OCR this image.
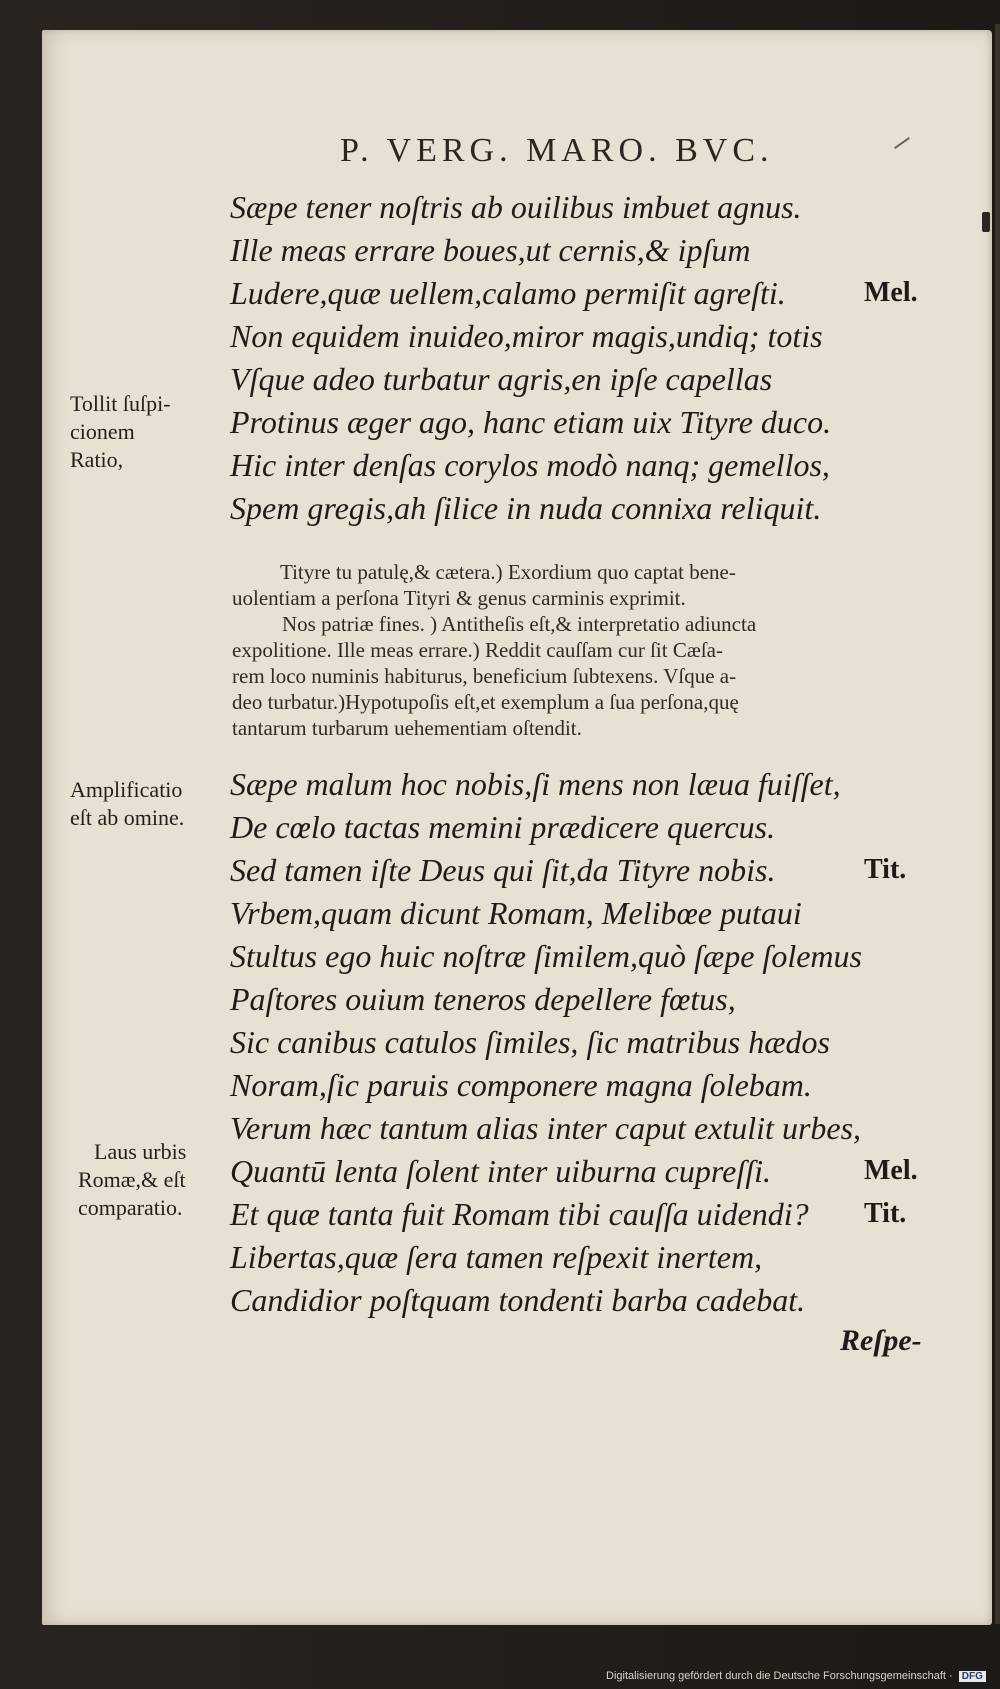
P. VERG. MARO. BVC.
Sæpe tener noſtris ab ouilibus imbuet agnus.
Ille meas errare boues,ut cernis,& ipſum
Ludere,quæ uellem,calamo permiſit agreſti.
Non equidem inuideo,miror magis,undiq; totis
Vſque adeo turbatur agris,en ipſe capellas
Protinus æger ago, hanc etiam uix Tityre duco.
Hic inter denſas corylos modò nanq; gemellos,
Spem gregis,ah ſilice in nuda connixa reliquit.
Mel.
Tollit ſuſpi-
cionem
Ratio,
Tityre tu patulę,& cætera.) Exordium quo captat bene-
uolentiam a perſona Tityri & genus carminis exprimit.
Nos patriæ fines. ) Antitheſis eſt,& interpretatio adiuncta
expolitione. Ille meas errare.) Reddit cauſſam cur ſit Cæſa-
rem loco numinis habiturus, beneficium ſubtexens. Vſque a-
deo turbatur.)Hypotupoſis eſt,et exemplum a ſua perſona,quę
tantarum turbarum uehementiam oſtendit.
Amplificatio
eſt ab omine.
Sæpe malum hoc nobis,ſi mens non læua fuiſſet,
De cœlo tactas memini prædicere quercus.
Sed tamen iſte Deus qui ſit,da Tityre nobis.
Vrbem,quam dicunt Romam, Melibœe putaui
Stultus ego huic noſtræ ſimilem,quò ſæpe ſolemus
Paſtores ouium teneros depellere fœtus,
Sic canibus catulos ſimiles, ſic matribus hædos
Noram,ſic paruis componere magna ſolebam.
Verum hæc tantum alias inter caput extulit urbes,
Quantū lenta ſolent inter uiburna cupreſſi.
Et quæ tanta fuit Romam tibi cauſſa uidendi?
Libertas,quæ ſera tamen reſpexit inertem,
Candidior poſtquam tondenti barba cadebat.
Tit.
Mel.
Tit.
Laus urbis
Romæ,& eſt
comparatio.
Reſpe-
Digitalisierung gefördert durch die Deutsche Forschungsgemeinschaft · DFG
